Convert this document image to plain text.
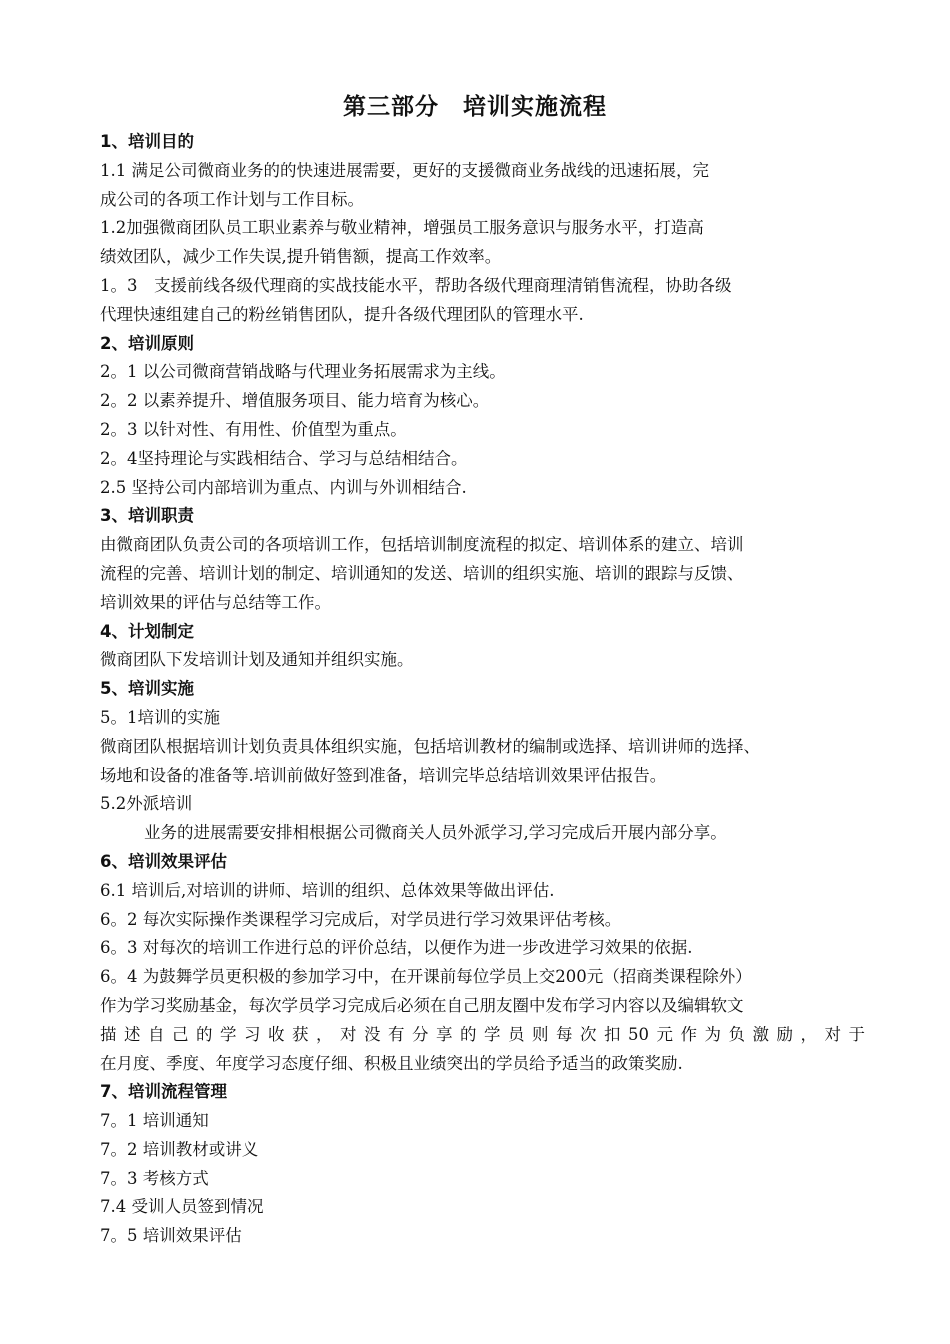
第三部分　培训实施流程
1、培训目的
1.1 满足公司微商业务的的快速进展需要，更好的支援微商业务战线的迅速拓展，完
成公司的各项工作计划与工作目标。
1.2加强微商团队员工职业素养与敬业精神，增强员工服务意识与服务水平，打造高
绩效团队，减少工作失误,提升销售额，提高工作效率。
1。3　支援前线各级代理商的实战技能水平，帮助各级代理商理清销售流程，协助各级
代理快速组建自己的粉丝销售团队，提升各级代理团队的管理水平.
2、培训原则
2。1 以公司微商营销战略与代理业务拓展需求为主线。
2。2 以素养提升、增值服务项目、能力培育为核心。
2。3 以针对性、有用性、价值型为重点。
2。4坚持理论与实践相结合、学习与总结相结合。
2.5 坚持公司内部培训为重点、内训与外训相结合.
3、培训职责
由微商团队负责公司的各项培训工作，包括培训制度流程的拟定、培训体系的建立、培训
流程的完善、培训计划的制定、培训通知的发送、培训的组织实施、培训的跟踪与反馈、
培训效果的评估与总结等工作。
4、计划制定
微商团队下发培训计划及通知并组织实施。
5、培训实施
5。1培训的实施
微商团队根据培训计划负责具体组织实施，包括培训教材的编制或选择、培训讲师的选择、
场地和设备的准备等.培训前做好签到准备，培训完毕总结培训效果评估报告。
5.2外派培训
业务的进展需要安排相根据公司微商关人员外派学习,学习完成后开展内部分享。
6、培训效果评估
6.1 培训后,对培训的讲师、培训的组织、总体效果等做出评估.
6。2 每次实际操作类课程学习完成后，对学员进行学习效果评估考核。
6。3 对每次的培训工作进行总的评价总结，以便作为进一步改进学习效果的依据.
6。4 为鼓舞学员更积极的参加学习中，在开课前每位学员上交200元（招商类课程除外）
作为学习奖励基金，每次学员学习完成后必须在自己朋友圈中发布学习内容以及编辑软文
描述自己的学习收获，对没有分享的学员则每次扣50元作为负激励，对于
在月度、季度、年度学习态度仔细、积极且业绩突出的学员给予适当的政策奖励.
7、培训流程管理
7。1 培训通知
7。2 培训教材或讲义
7。3 考核方式
7.4 受训人员签到情况
7。5 培训效果评估
